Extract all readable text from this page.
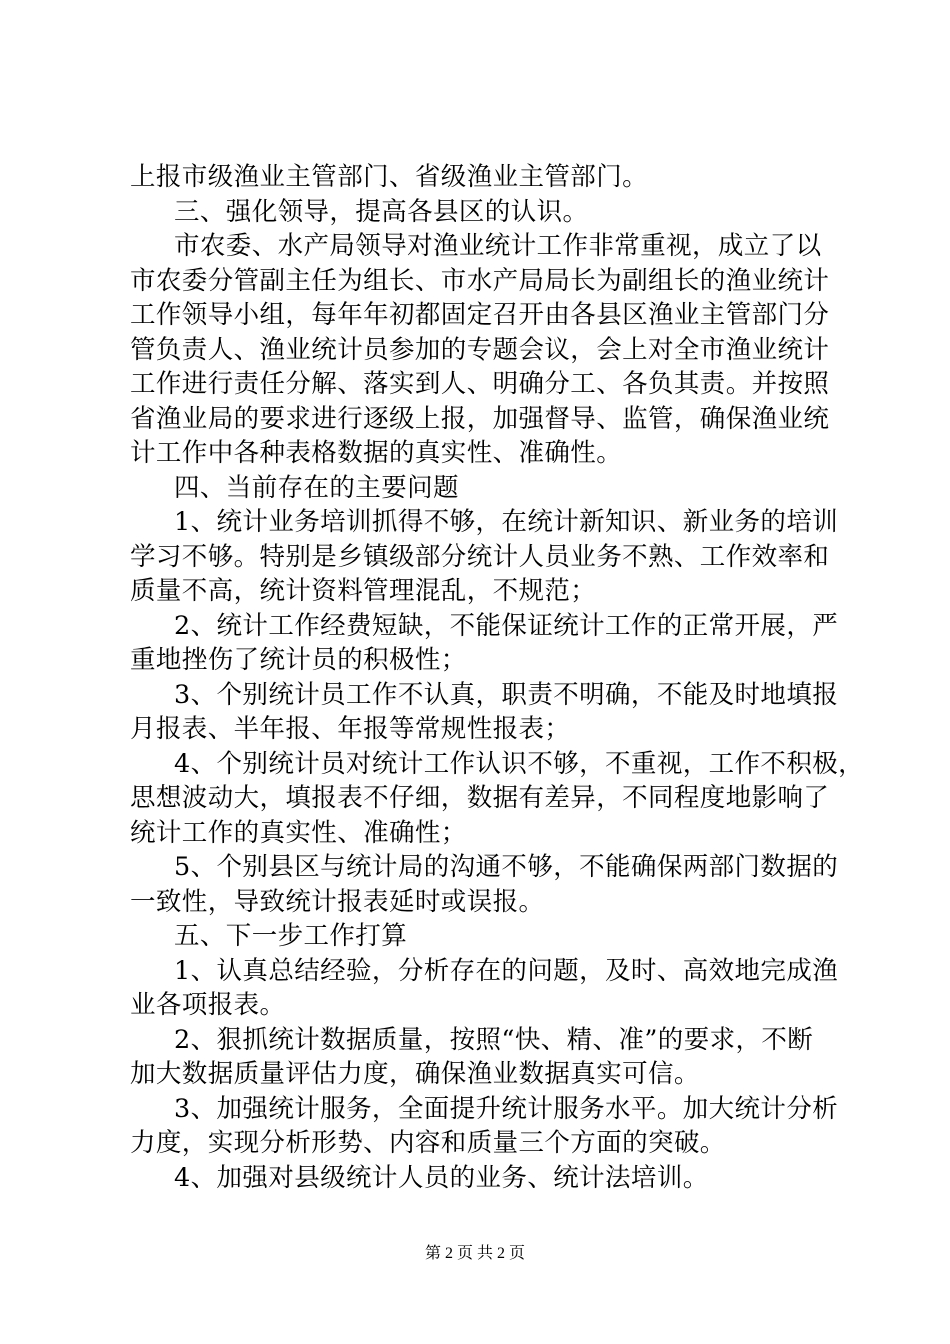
上报市级渔业主管部门、省级渔业主管部门。
三、强化领导，提高各县区的认识。
市农委、水产局领导对渔业统计工作非常重视，成立了以
市农委分管副主任为组长、市水产局局长为副组长的渔业统计
工作领导小组，每年年初都固定召开由各县区渔业主管部门分
管负责人、渔业统计员参加的专题会议，会上对全市渔业统计
工作进行责任分解、落实到人、明确分工、各负其责。并按照
省渔业局的要求进行逐级上报，加强督导、监管，确保渔业统
计工作中各种表格数据的真实性、准确性。
四、当前存在的主要问题
1、统计业务培训抓得不够，在统计新知识、新业务的培训
学习不够。特别是乡镇级部分统计人员业务不熟、工作效率和
质量不高，统计资料管理混乱，不规范；
2、统计工作经费短缺，不能保证统计工作的正常开展，严
重地挫伤了统计员的积极性；
3、个别统计员工作不认真，职责不明确，不能及时地填报
月报表、半年报、年报等常规性报表；
4、个别统计员对统计工作认识不够，不重视，工作不积极，
思想波动大，填报表不仔细，数据有差异，不同程度地影响了
统计工作的真实性、准确性；
5、个别县区与统计局的沟通不够，不能确保两部门数据的
一致性，导致统计报表延时或误报。
五、下一步工作打算
1、认真总结经验，分析存在的问题，及时、高效地完成渔
业各项报表。
2、狠抓统计数据质量，按照“快、精、准”的要求，不断
加大数据质量评估力度，确保渔业数据真实可信。
3、加强统计服务，全面提升统计服务水平。加大统计分析
力度，实现分析形势、内容和质量三个方面的突破。
4、加强对县级统计人员的业务、统计法培训。
第 2 页 共 2 页
